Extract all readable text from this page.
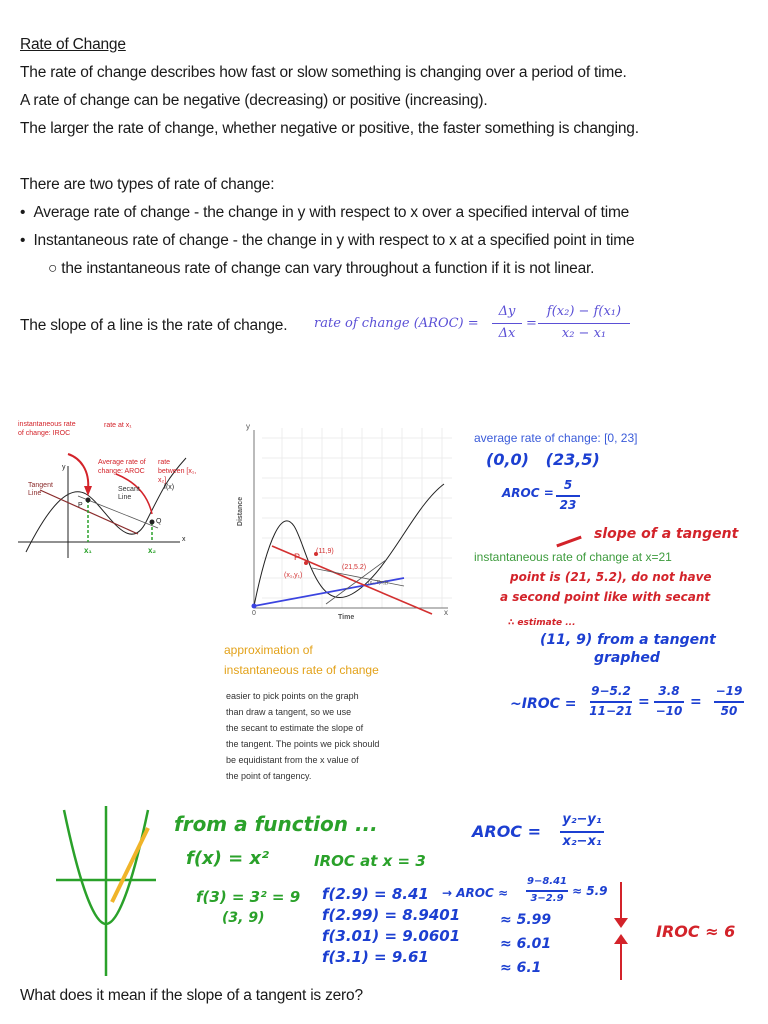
Rate of Change
The rate of change describes how fast or slow something is changing over a period of time.
A rate of change can be negative (decreasing) or positive (increasing).
The larger the rate of change, whether negative or positive, the faster something is changing.
There are two types of rate of change:
•  Average rate of change - the change in y with respect to x over a specified interval of time
•  Instantaneous rate of change - the change in y with respect to x at a specified point in time
○ the instantaneous rate of change can vary throughout a function if it is not linear.
The slope of a line is the rate of change. rate of change (AROC) =
Δy
Δx
=
f(x₂) − f(x₁)
x₂ − x₁
instantaneous rate of change: IROC
rate at x₁
Average rate of change: AROC
rate between [x₁, x₂]
Tangent Line
Secant Line
f(x)
y
x
P
Q
x₁	x₂
y
x
Distance
Time
0
P
(11,9)
(x₁,y₁)
(21,5.2)
(x₀, f(x₀))
approximation of
instantaneous rate of change
easier to pick points on the graph
than draw a tangent, so we use
the secant to estimate the slope of
the tangent. The points we pick should
be equidistant from the x value of
the point of tangency.
average rate of change: [0, 23]
(0,0)   (23,5)
AROC =
5
23
slope of a tangent
instantaneous rate of change at x=21
point is (21, 5.2), do not have
a second point like with secant
∴ estimate ...
(11, 9) from a tangent
graphed
~IROC =
9−5.2
11−21
=
3.8
−10
=
−19
50
from a function ...
f(x) = x²	IROC at x = 3
f(3) = 3² = 9
(3, 9)
AROC =
y₂−y₁
x₂−x₁
f(2.9) = 8.41
f(2.99) = 8.9401
f(3.01) = 9.0601
f(3.1) = 9.61
→ AROC ≈
9−8.41
3−2.9
≈ 5.9
≈ 5.99
≈ 6.01
≈ 6.1
IROC ≈ 6
What does it mean if the slope of a tangent is zero?
